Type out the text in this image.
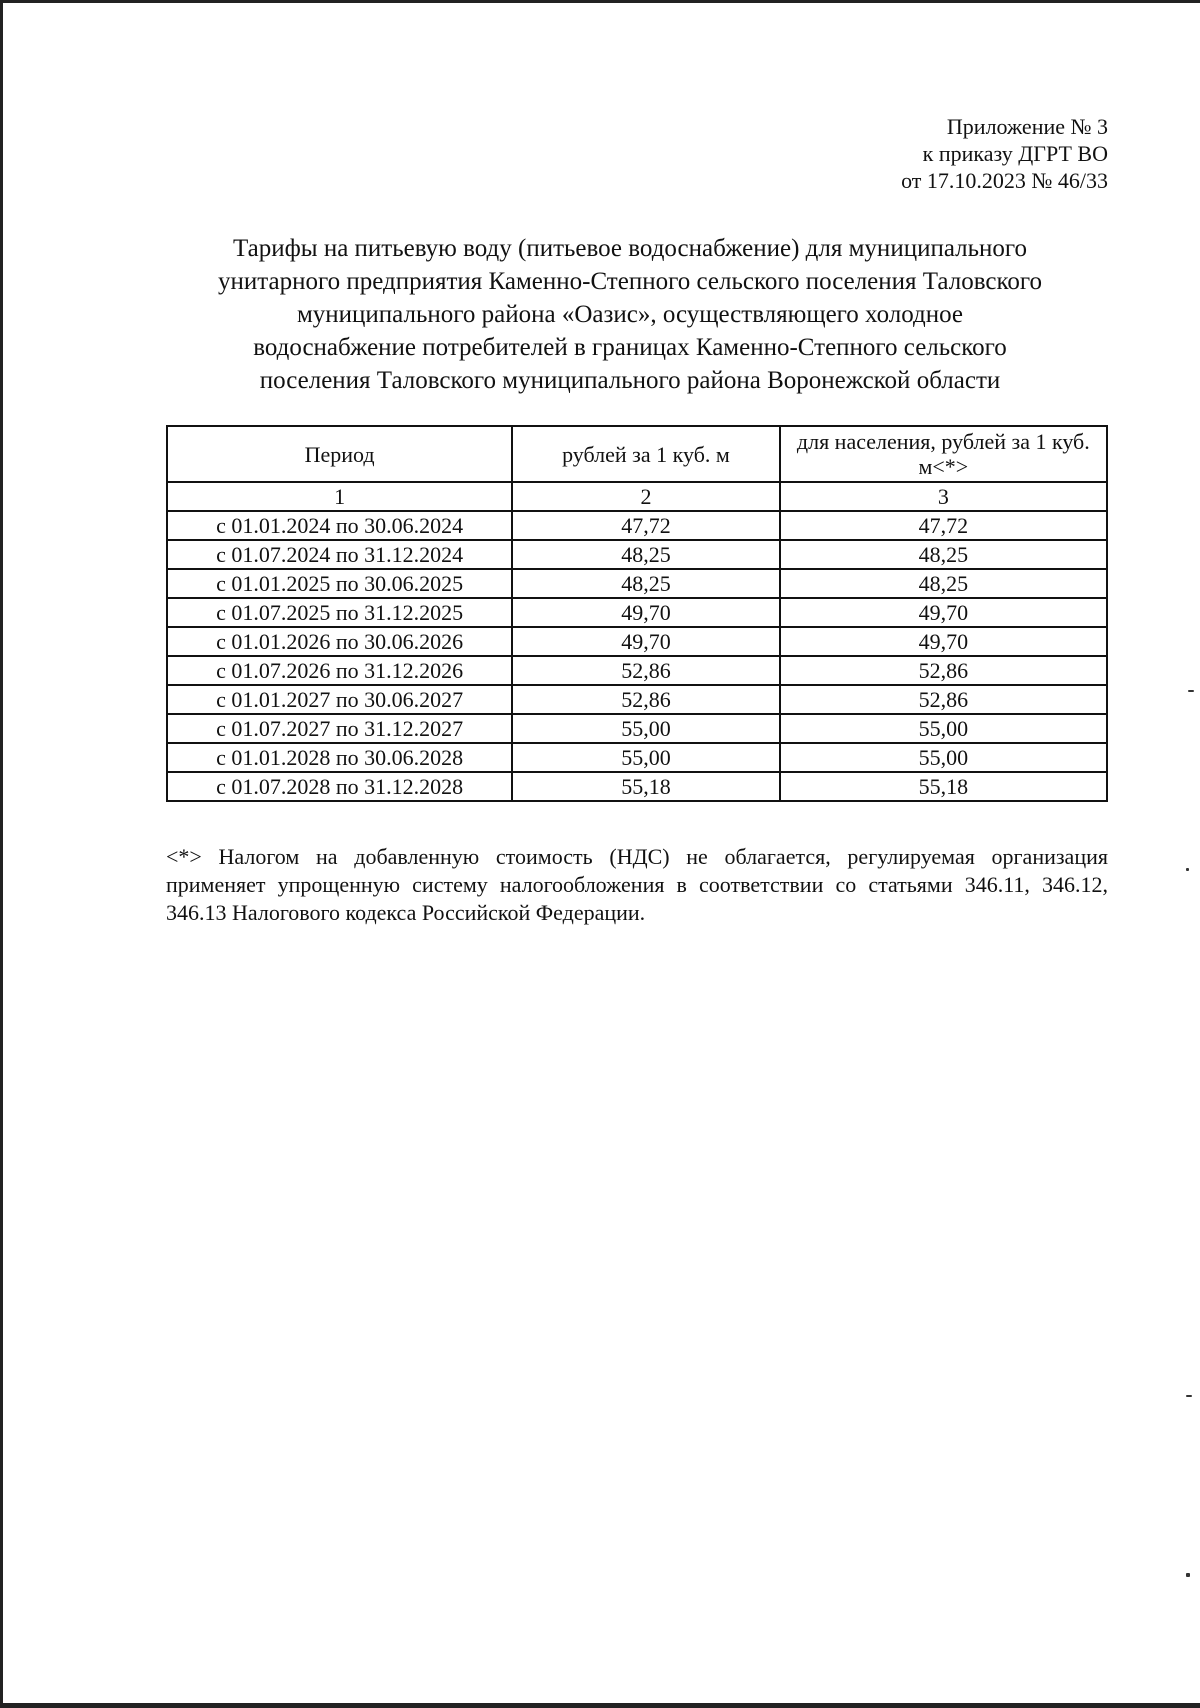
Приложение № 3
к приказу ДГРТ ВО
от 17.10.2023 № 46/33
Тарифы на питьевую воду (питьевое водоснабжение) для муниципального
унитарного предприятия Каменно-Степного сельского поселения Таловского
муниципального района «Оазис», осуществляющего холодное
водоснабжение потребителей в границах Каменно-Степного сельского
поселения Таловского муниципального района Воронежской области
Период	рублей за 1 куб. м	для населения, рублей за 1 куб. м<*>
1	2	3
с 01.01.2024 по 30.06.2024	47,72	47,72
с 01.07.2024 по 31.12.2024	48,25	48,25
с 01.01.2025 по 30.06.2025	48,25	48,25
с 01.07.2025 по 31.12.2025	49,70	49,70
с 01.01.2026 по 30.06.2026	49,70	49,70
с 01.07.2026 по 31.12.2026	52,86	52,86
с 01.01.2027 по 30.06.2027	52,86	52,86
с 01.07.2027 по 31.12.2027	55,00	55,00
с 01.01.2028 по 30.06.2028	55,00	55,00
с 01.07.2028 по 31.12.2028	55,18	55,18
<*> Налогом на добавленную стоимость (НДС) не облагается, регулируемая организация применяет упрощенную систему налогообложения в соответствии со статьями 346.11, 346.12, 346.13 Налогового кодекса Российской Федерации.
